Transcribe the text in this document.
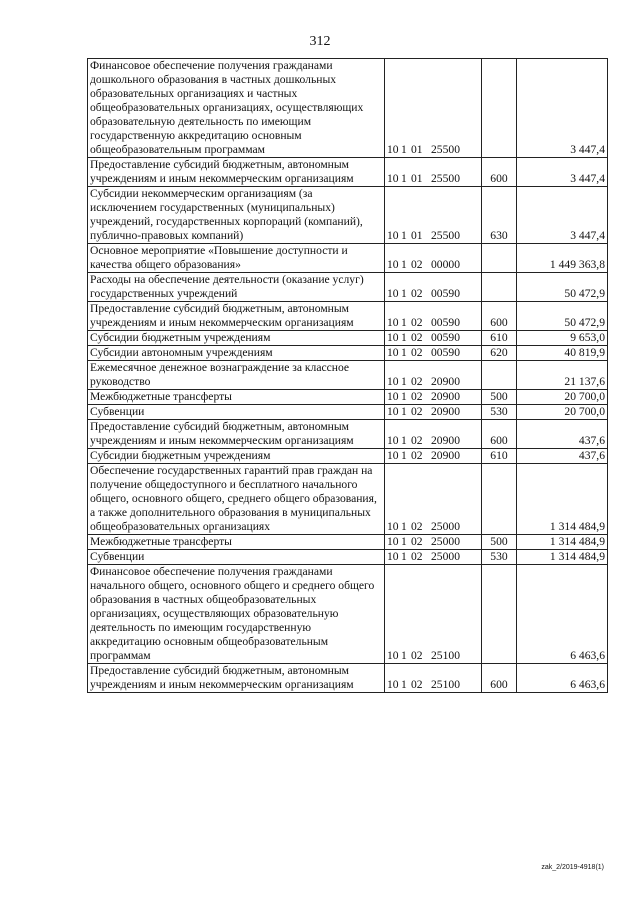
312
Финансовое обеспечение получения гражданами дошкольного образования в частных дошкольных образовательных организациях и частных общеобразовательных организациях, осуществляющих образовательную деятельность по имеющим государственную аккредитацию основным общеобразовательным программам	10 1 01 25500		3 447,4
Предоставление субсидий бюджетным, автономным учреждениям и иным некоммерческим организациям	10 1 01 25500	600	3 447,4
Субсидии некоммерческим организациям (за исключением государственных (муниципальных) учреждений, государственных корпораций (компаний), публично-правовых компаний)	10 1 01 25500	630	3 447,4
Основное мероприятие «Повышение доступности и качества общего образования»	10 1 02 00000		1 449 363,8
Расходы на обеспечение деятельности (оказание услуг) государственных учреждений	10 1 02 00590		50 472,9
Предоставление субсидий бюджетным, автономным учреждениям и иным некоммерческим организациям	10 1 02 00590	600	50 472,9
Субсидии бюджетным учреждениям	10 1 02 00590	610	9 653,0
Субсидии автономным учреждениям	10 1 02 00590	620	40 819,9
Ежемесячное денежное вознаграждение за классное руководство	10 1 02 20900		21 137,6
Межбюджетные трансферты	10 1 02 20900	500	20 700,0
Субвенции	10 1 02 20900	530	20 700,0
Предоставление субсидий бюджетным, автономным учреждениям и иным некоммерческим организациям	10 1 02 20900	600	437,6
Субсидии бюджетным учреждениям	10 1 02 20900	610	437,6
Обеспечение государственных гарантий прав граждан на получение общедоступного и бесплатного начального общего, основного общего, среднего общего образования, а также дополнительного образования в муниципальных общеобразовательных организациях	10 1 02 25000		1 314 484,9
Межбюджетные трансферты	10 1 02 25000	500	1 314 484,9
Субвенции	10 1 02 25000	530	1 314 484,9
Финансовое обеспечение получения гражданами начального общего, основного общего и среднего общего образования в частных общеобразовательных организациях, осуществляющих образовательную деятельность по имеющим государственную аккредитацию основным общеобразовательным программам	10 1 02 25100		6 463,6
Предоставление субсидий бюджетным, автономным учреждениям и иным некоммерческим организациям	10 1 02 25100	600	6 463,6
zak_2/2019-4918(1)
